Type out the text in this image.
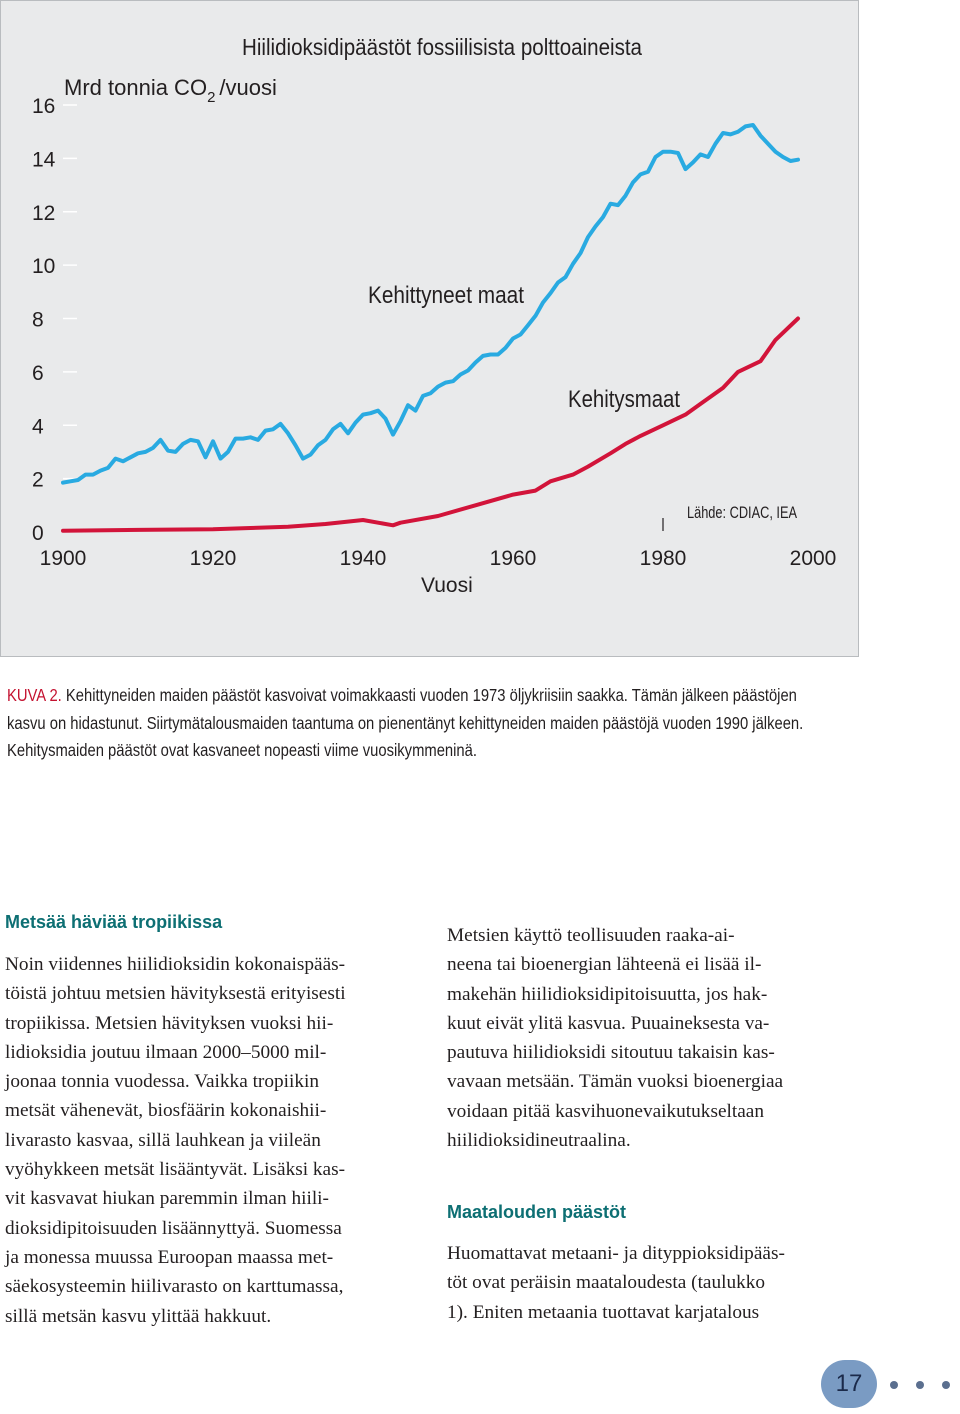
0
2
4
6
8
10
12
14
16
1900	1920	1940	1960	1980	2000
Hiilidioksidipäästöt fossiilisista polttoaineista
Mrd tonnia $CO_2$ /vuosi
Vuosi
Lähde: CDIAC, IEA
Kehittyneet maat
Kehitysmaat
KUVA 2. Kehittyneiden maiden päästöt kasvoivat voimakkaasti vuoden 1973 öljykriisiin saakka. Tämän jälkeen päästöjen
kasvu on hidastunut. Siirtymätalousmaiden taantuma on pienentänyt kehittyneiden maiden päästöjä vuoden 1990 jälkeen.
Kehitysmaiden päästöt ovat kasvaneet nopeasti viime vuosikymmeninä.
Metsää häviää tropiikissa
Noin viidennes hiilidioksidin kokonaispääs-
töistä johtuu metsien hävityksestä erityisesti
tropiikissa. Metsien hävityksen vuoksi hii-
lidioksidia joutuu ilmaan 2000–5000 mil-
joonaa tonnia vuodessa. Vaikka tropiikin
metsät vähenevät, biosfäärin kokonaishii-
livarasto kasvaa, sillä lauhkean ja viileän
vyöhykkeen metsät lisääntyvät. Lisäksi kas-
vit kasvavat hiukan paremmin ilman hiili-
dioksidipitoisuuden lisäännyttyä. Suomessa
ja monessa muussa Euroopan maassa met-
säekosysteemin hiilivarasto on karttumassa,
sillä metsän kasvu ylittää hakkuut.
Metsien käyttö teollisuuden raaka-ai-
neena tai bioenergian lähteenä ei lisää il-
makehän hiilidioksidipitoisuutta, jos hak-
kuut eivät ylitä kasvua. Puuaineksesta va-
pautuva hiilidioksidi sitoutuu takaisin kas-
vavaan metsään. Tämän vuoksi bioenergiaa
voidaan pitää kasvihuonevaikutukseltaan
hiilidioksidineutraalina.
Maatalouden päästöt
Huomattavat metaani- ja dityppioksidipääs-
töt ovat peräisin maataloudesta (taulukko
1). Eniten metaania tuottavat karjatalous
17
